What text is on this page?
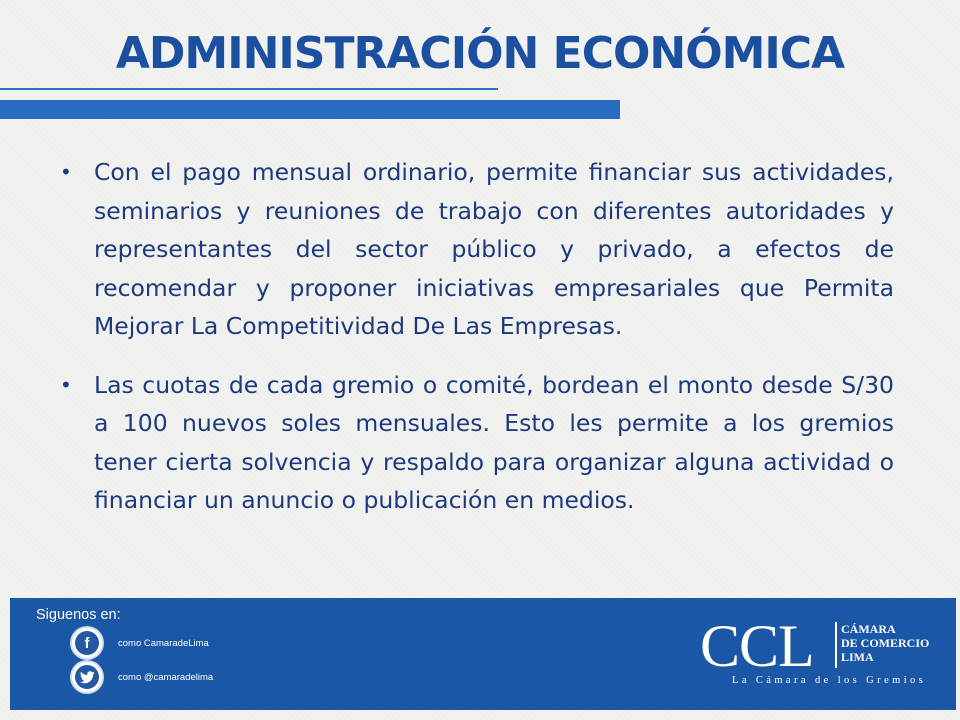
ADMINISTRACIÓN ECONÓMICA
• Con el pago mensual ordinario, permite financiar sus actividades, seminarios y reuniones de trabajo con diferentes autoridades y representantes del sector público y privado, a efectos de recomendar y proponer iniciativas empresariales que Permita Mejorar La Competitividad De Las Empresas.
• Las cuotas de cada gremio o comité, bordean el monto desde S/30 a 100 nuevos soles mensuales. Esto les permite a los gremios tener cierta solvencia y respaldo para organizar alguna actividad o financiar un anuncio o publicación en medios.
Siguenos en:
f	como CamaradeLima
como @camaradelima	CCL CÁMARA
DE COMERCIO
LIMA
La Cámara de los Gremios
